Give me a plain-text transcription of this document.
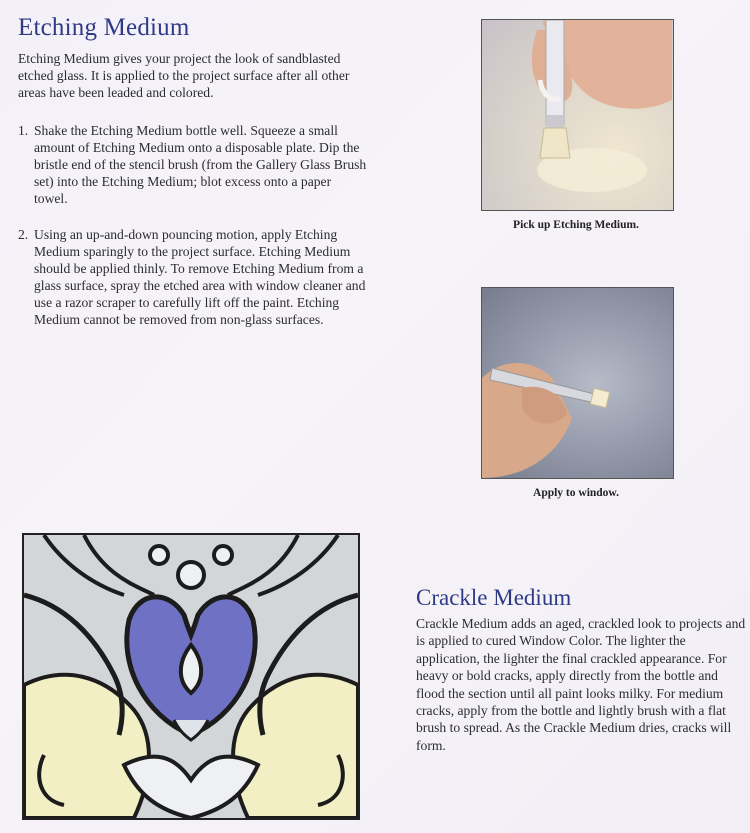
Etching Medium

Etching Medium gives your project the look of sandblasted etched glass. It is applied to the project surface after all other areas have been leaded and colored.

1. Shake the Etching Medium bottle well. Squeeze a small amount of Etching Medium onto a disposable plate. Dip the bristle end of the stencil brush (from the Gallery Glass Brush set) into the Etching Medium; blot excess onto a paper towel.
2. Using an up-and-down pouncing motion, apply Etching Medium sparingly to the project surface. Etching Medium should be applied thinly. To remove Etching Medium from a glass surface, spray the etched area with window cleaner and use a razor scraper to carefully lift off the paint. Etching Medium cannot be removed from non-glass surfaces.
Pick up Etching Medium.
Apply to window.
Crackle Medium

Crackle Medium adds an aged, crackled look to projects and is applied to cured Window Color. The lighter the application, the lighter the final crackled appearance. For heavy or bold cracks, apply directly from the bottle and flood the section until all paint looks milky. For medium cracks, apply from the bottle and lightly brush with a flat brush to spread. As the Crackle Medium dries, cracks will form.
